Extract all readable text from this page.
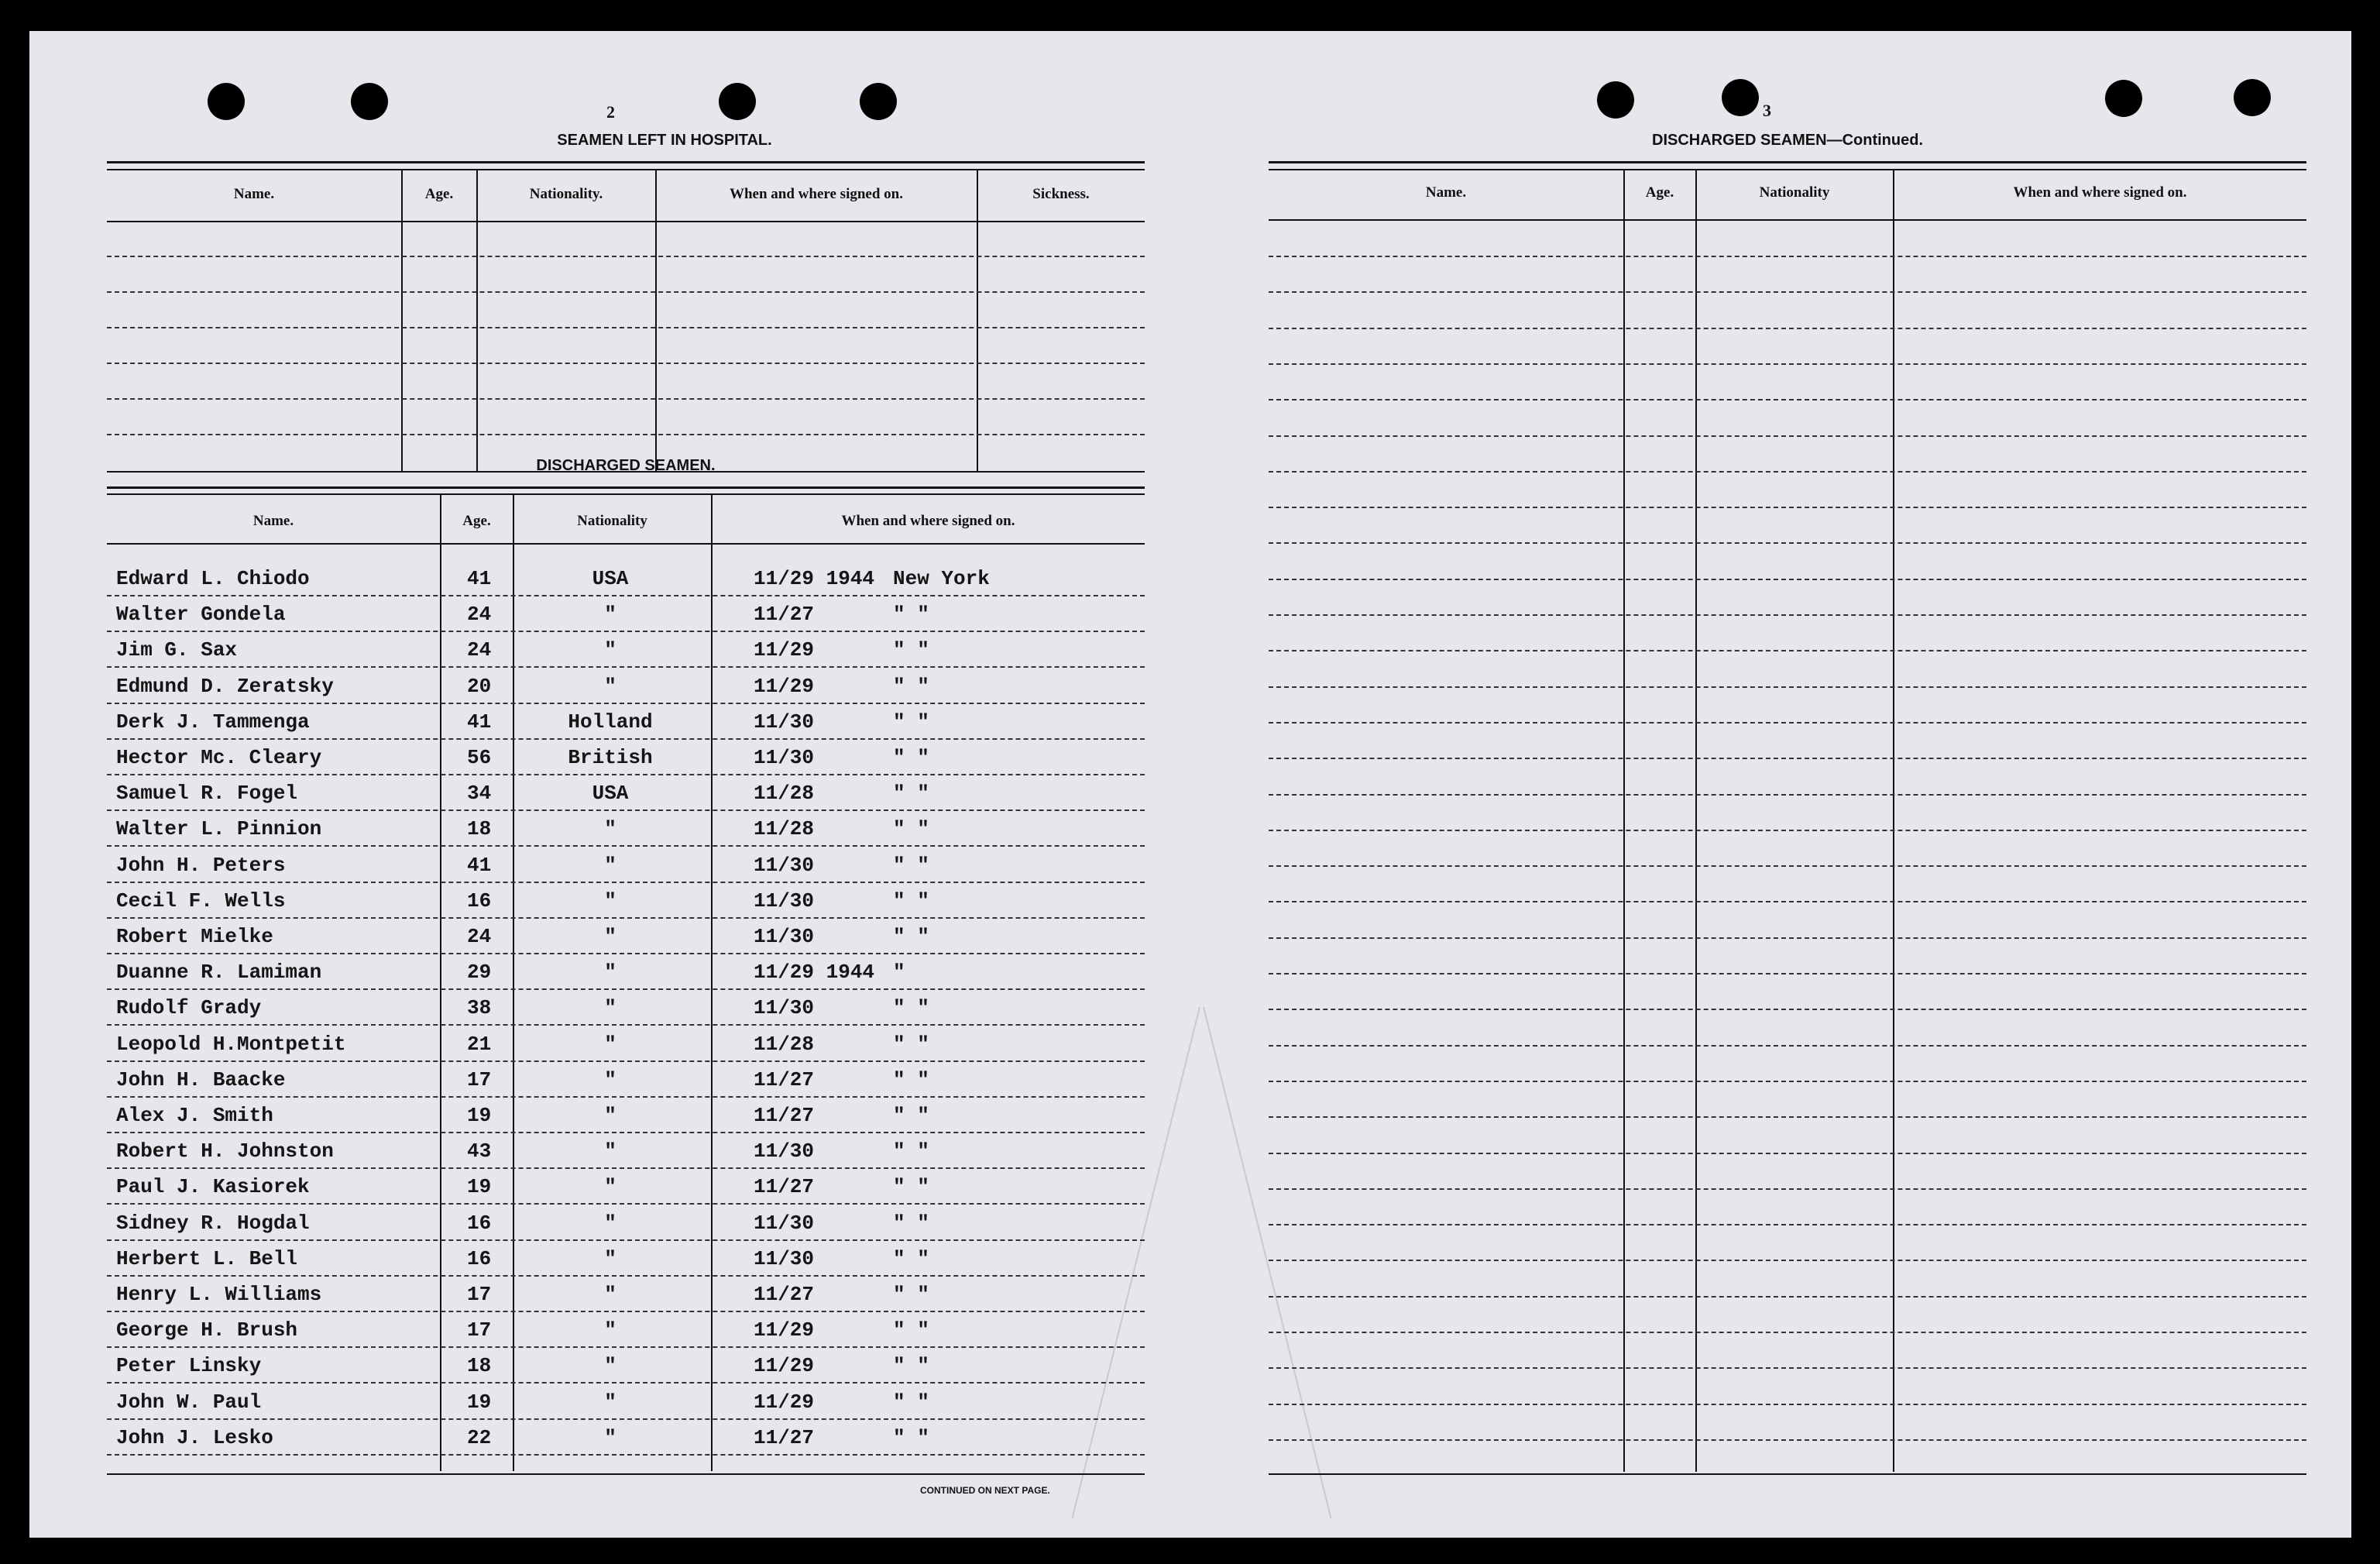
2
SEAMEN LEFT IN HOSPITAL.
Name.	Age.	Nationality.	When and where signed on.	Sickness.
DISCHARGED SEAMEN.
Name.	Age.	Nationality	When and where signed on.
Edward L. Chiodo	41	USA	11/29 1944 New York
Walter Gondela	24	"	11/27	" "
Jim G. Sax	24	"	11/29	" "
Edmund D. Zeratsky	20	"	11/29	" "
Derk J. Tammenga	41	Holland	11/30	" "
Hector Mc. Cleary	56	British	11/30	" "
Samuel R. Fogel	34	USA	11/28	" "
Walter L. Pinnion	18	"	11/28	" "
John H. Peters	41	"	11/30	" "
Cecil F. Wells	16	"	11/30	" "
Robert Mielke	24	"	11/30	" "
Duanne R. Lamiman	29	"	11/29 1944 "
Rudolf Grady	38	"	11/30	" "
Leopold H.Montpetit	21	"	11/28	" "
John H. Baacke	17	"	11/27	" "
Alex J. Smith	19	"	11/27	" "
Robert H. Johnston	43	"	11/30	" "
Paul J. Kasiorek	19	"	11/27	" "
Sidney R. Hogdal	16	"	11/30	" "
Herbert L. Bell	16	"	11/30	" "
Henry L. Williams	17	"	11/27	" "
George H. Brush	17	"	11/29	" "
Peter Linsky	18	"	11/29	" "
John W. Paul	19	"	11/29	" "
John J. Lesko	22	"	11/27	" "
CONTINUED ON NEXT PAGE.
3
DISCHARGED SEAMEN—Continued.
Name.	Age.	Nationality	When and where signed on.
